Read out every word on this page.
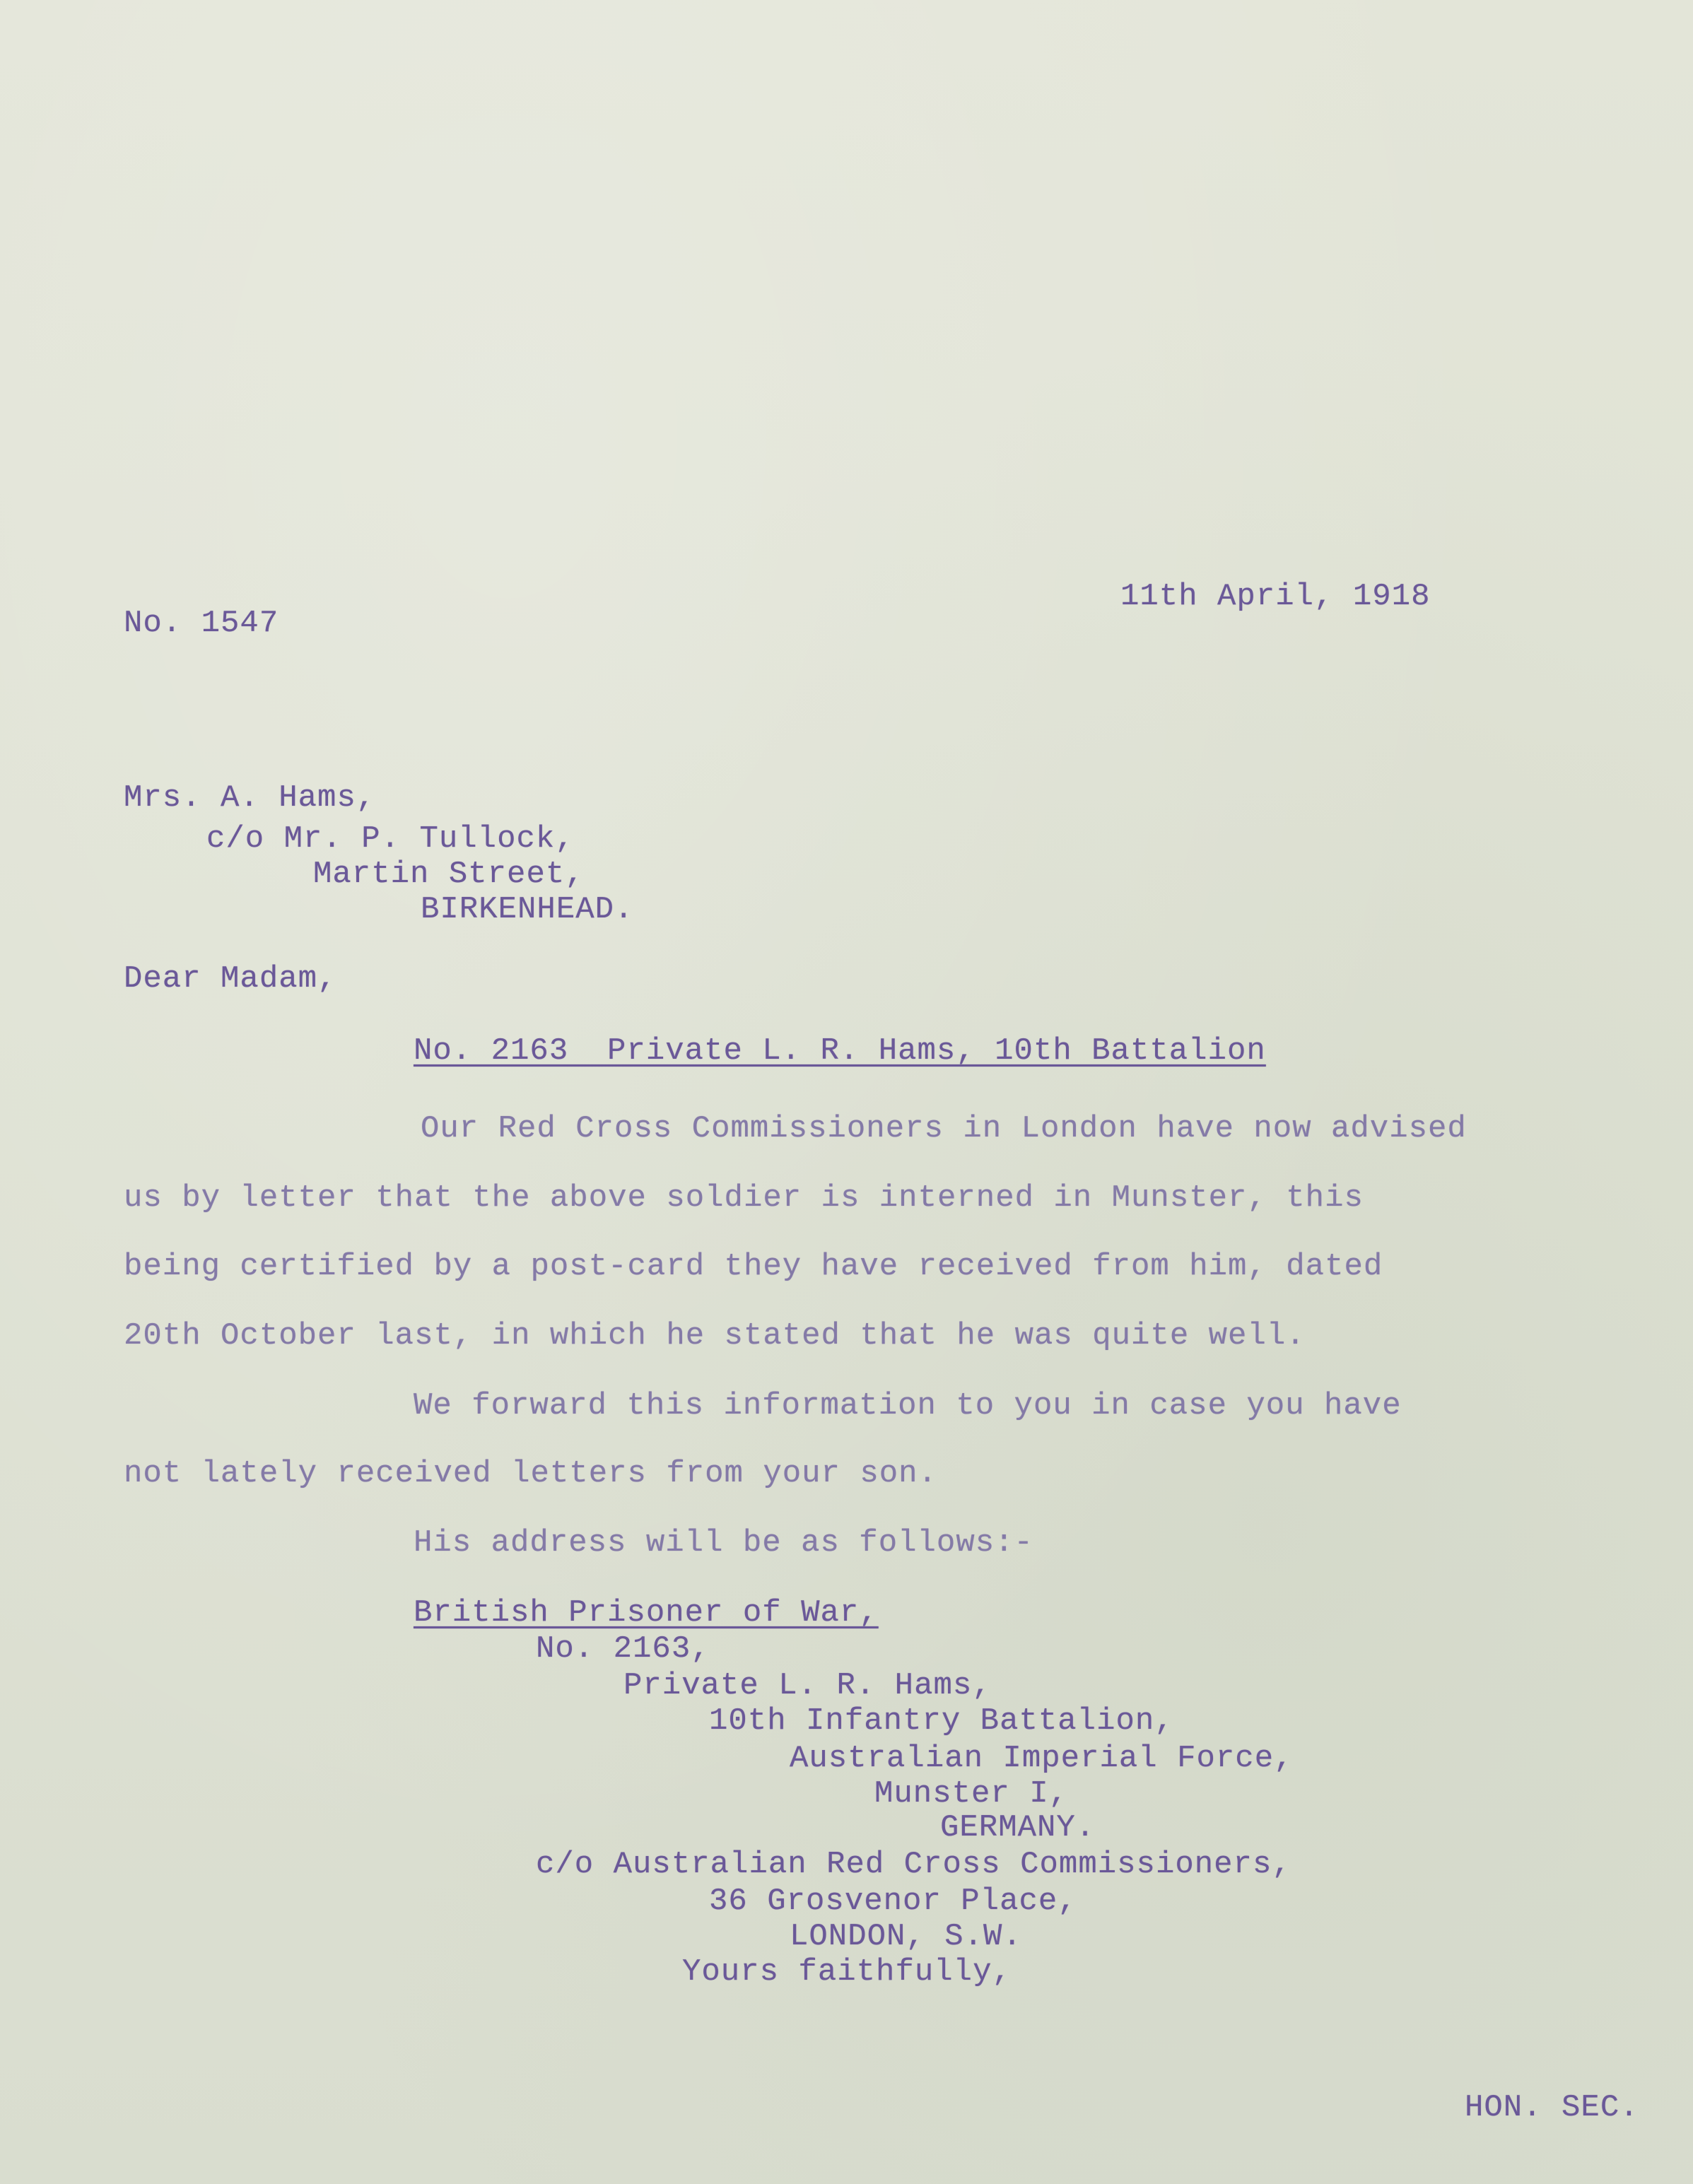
11th April, 1918
No. 1547
Mrs. A. Hams,
c/o Mr. P. Tullock,
Martin Street,
BIRKENHEAD.
Dear Madam,
No. 2163  Private L. R. Hams, 10th Battalion
Our Red Cross Commissioners in London have now advised
us by letter that the above soldier is interned in Munster, this
being certified by a post-card they have received from him, dated
20th October last, in which he stated that he was quite well.
We forward this information to you in case you have
not lately received letters from your son.
His address will be as follows:-
British Prisoner of War,
No. 2163,
Private L. R. Hams,
10th Infantry Battalion,
Australian Imperial Force,
Munster I,
GERMANY.
c/o Australian Red Cross Commissioners,
36 Grosvenor Place,
LONDON, S.W.
Yours faithfully,
HON. SEC.
